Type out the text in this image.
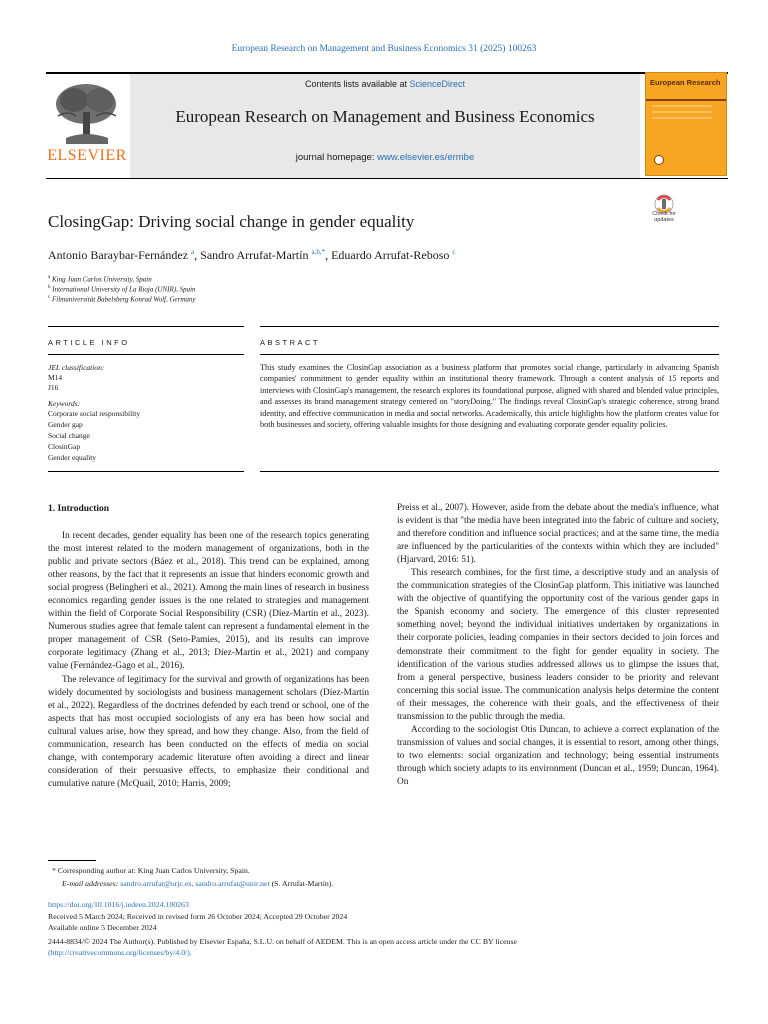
European Research on Management and Business Economics 31 (2025) 100263
ELSEVIER
Contents lists available at ScienceDirect
European Research on Management and Business Economics
journal homepage: www.elsevier.es/ermbe
European Research
ClosingGap: Driving social change in gender equality	Check for updates
Antonio Baraybar-Fernández $^a$, Sandro Arrufat-Martín $^{a,b,*}$, Eduardo Arrufat-Reboso $^c$
$^a$ King Juan Carlos University, Spain
$^b$ International University of La Rioja (UNIR), Spain
$^c$ Filmuniversität Babelsberg Konrad Wolf, Germany
ARTICLE INFO	ABSTRACT
JEL classification:
M14
J16
Keywords:
Corporate social responsibility
Gender gap
Social change
ClosinGap
Gender equality
This study examines the ClosinGap association as a business platform that promotes social change, particularly in advancing Spanish companies' commitment to gender equality within an institutional theory framework. Through a content analysis of 15 reports and interviews with ClosinGap's management, the research explores its foundational purpose, aligned with shared and blended value principles, and assesses its brand management strategy centered on "storyDoing." The findings reveal ClosinGap's strategic coherence, strong brand identity, and effective communication in media and social networks. Academically, this article highlights how the platform creates value for both businesses and society, offering valuable insights for those designing and evaluating corporate gender equality policies.
1. Introduction

In recent decades, gender equality has been one of the research topics generating the most interest related to the modern management of organizations, both in the public and private sectors (Báez et al., 2018). This trend can be explained, among other reasons, by the fact that it represents an issue that hinders economic growth and social progress (Belingheri et al., 2021). Among the main lines of research in business economics regarding gender issues is the one related to strategies and management within the field of Corporate Social Responsibility (CSR) (Díez-Martín et al., 2023). Numerous studies agree that female talent can represent a fundamental element in the proper management of CSR (Seto-Pamies, 2015), and its results can improve corporate legitimacy (Zhang et al., 2013; Díez-Martín et al., 2021) and company value (Fernández-Gago et al., 2016).

The relevance of legitimacy for the survival and growth of organizations has been widely documented by sociologists and business management scholars (Díez-Martín et al., 2022). Regardless of the doctrines defended by each trend or school, one of the aspects that has most occupied sociologists of any era has been how social and cultural values arise, how they spread, and how they change. Also, from the field of communication, research has been conducted on the effects of media on social change, with contemporary academic literature often avoiding a direct and linear consideration of their persuasive effects, to emphasize their conditional and cumulative nature (McQuail, 2010; Harris, 2009;

Preiss et al., 2007). However, aside from the debate about the media's influence, what is evident is that "the media have been integrated into the fabric of culture and society, and therefore condition and influence social practices; and at the same time, the media are influenced by the particularities of the contexts within which they are included" (Hjarvard, 2016: 51).

This research combines, for the first time, a descriptive study and an analysis of the communication strategies of the ClosinGap platform. This initiative was launched with the objective of quantifying the opportunity cost of the various gender gaps in the Spanish economy and society. The emergence of this cluster represented something novel; beyond the individual initiatives undertaken by organizations in their corporate policies, leading companies in their sectors decided to join forces and demonstrate their commitment to the fight for gender equality in society. The identification of the various studies addressed allows us to glimpse the issues that, from a general perspective, business leaders consider to be priority and relevant concerning this social issue. The communication analysis helps determine the content of their messages, the coherence with their goals, and the effectiveness of their transmission to the public through the media.

According to the sociologist Otis Duncan, to achieve a correct explanation of the transmission of values and social changes, it is essential to resort, among other things, to two elements: social organization and technology; being essential instruments through which society adapts to its environment (Duncan et al., 1959; Duncan, 1964). On

* Corresponding author at: King Juan Carlos University, Spain.
E-mail addresses: sandro.arrufat@urjc.es, sandro.arrufat@unir.net (S. Arrufat-Martín).
https://doi.org/10.1016/j.iedeen.2024.100263
Received 5 March 2024; Received in revised form 26 October 2024; Accepted 29 October 2024
Available online 5 December 2024
2444-8834/© 2024 The Author(s). Published by Elsevier España, S.L.U. on behalf of AEDEM. This is an open access article under the CC BY license
(http://creativecommons.org/licenses/by/4.0/).
